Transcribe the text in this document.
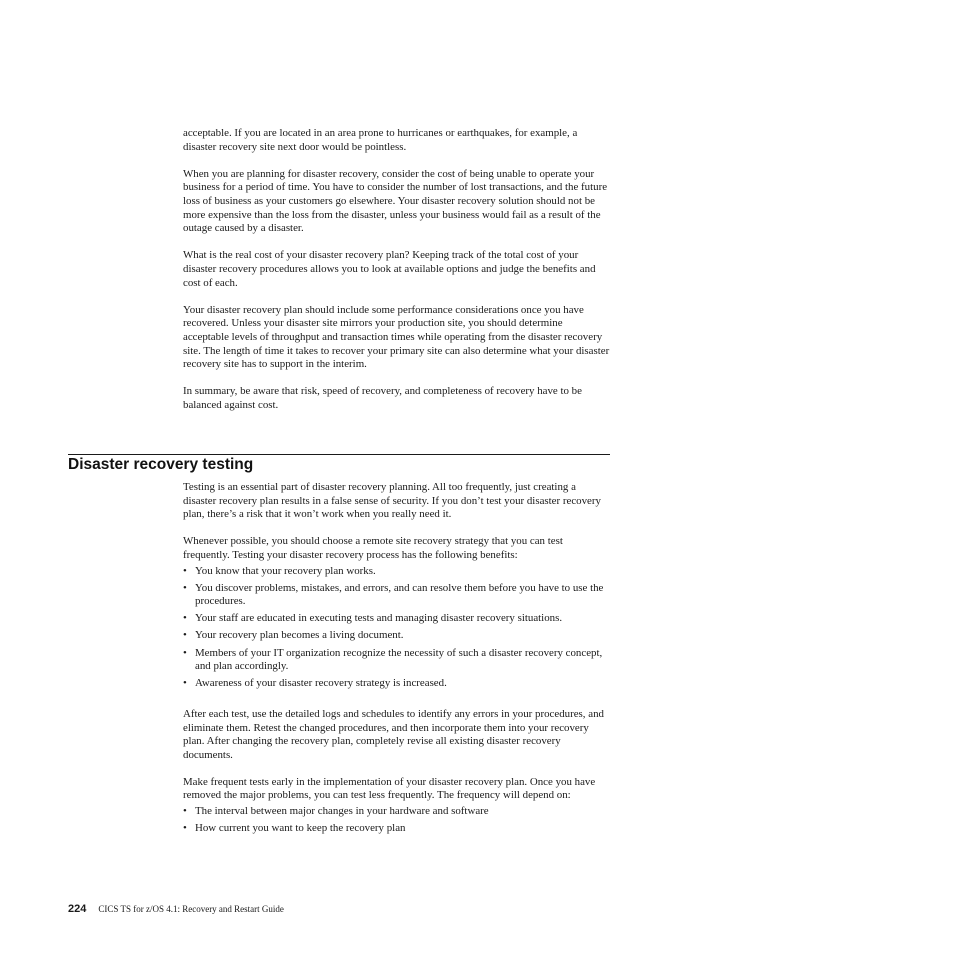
acceptable. If you are located in an area prone to hurricanes or earthquakes, for example, a disaster recovery site next door would be pointless.

When you are planning for disaster recovery, consider the cost of being unable to operate your business for a period of time. You have to consider the number of lost transactions, and the future loss of business as your customers go elsewhere. Your disaster recovery solution should not be more expensive than the loss from the disaster, unless your business would fail as a result of the outage caused by a disaster.

What is the real cost of your disaster recovery plan? Keeping track of the total cost of your disaster recovery procedures allows you to look at available options and judge the benefits and cost of each.

Your disaster recovery plan should include some performance considerations once you have recovered. Unless your disaster site mirrors your production site, you should determine acceptable levels of throughput and transaction times while operating from the disaster recovery site. The length of time it takes to recover your primary site can also determine what your disaster recovery site has to support in the interim.

In summary, be aware that risk, speed of recovery, and completeness of recovery have to be balanced against cost.

Disaster recovery testing

Testing is an essential part of disaster recovery planning. All too frequently, just creating a disaster recovery plan results in a false sense of security. If you don’t test your disaster recovery plan, there’s a risk that it won’t work when you really need it.

Whenever possible, you should choose a remote site recovery strategy that you can test frequently. Testing your disaster recovery process has the following benefits:

• You know that your recovery plan works.
• You discover problems, mistakes, and errors, and can resolve them before you have to use the procedures.
• Your staff are educated in executing tests and managing disaster recovery situations.
• Your recovery plan becomes a living document.
• Members of your IT organization recognize the necessity of such a disaster recovery concept, and plan accordingly.
• Awareness of your disaster recovery strategy is increased.

After each test, use the detailed logs and schedules to identify any errors in your procedures, and eliminate them. Retest the changed procedures, and then incorporate them into your recovery plan. After changing the recovery plan, completely revise all existing disaster recovery documents.

Make frequent tests early in the implementation of your disaster recovery plan. Once you have removed the major problems, you can test less frequently. The frequency will depend on:

• The interval between major changes in your hardware and software
• How current you want to keep the recovery plan
224 CICS TS for z/OS 4.1: Recovery and Restart Guide
